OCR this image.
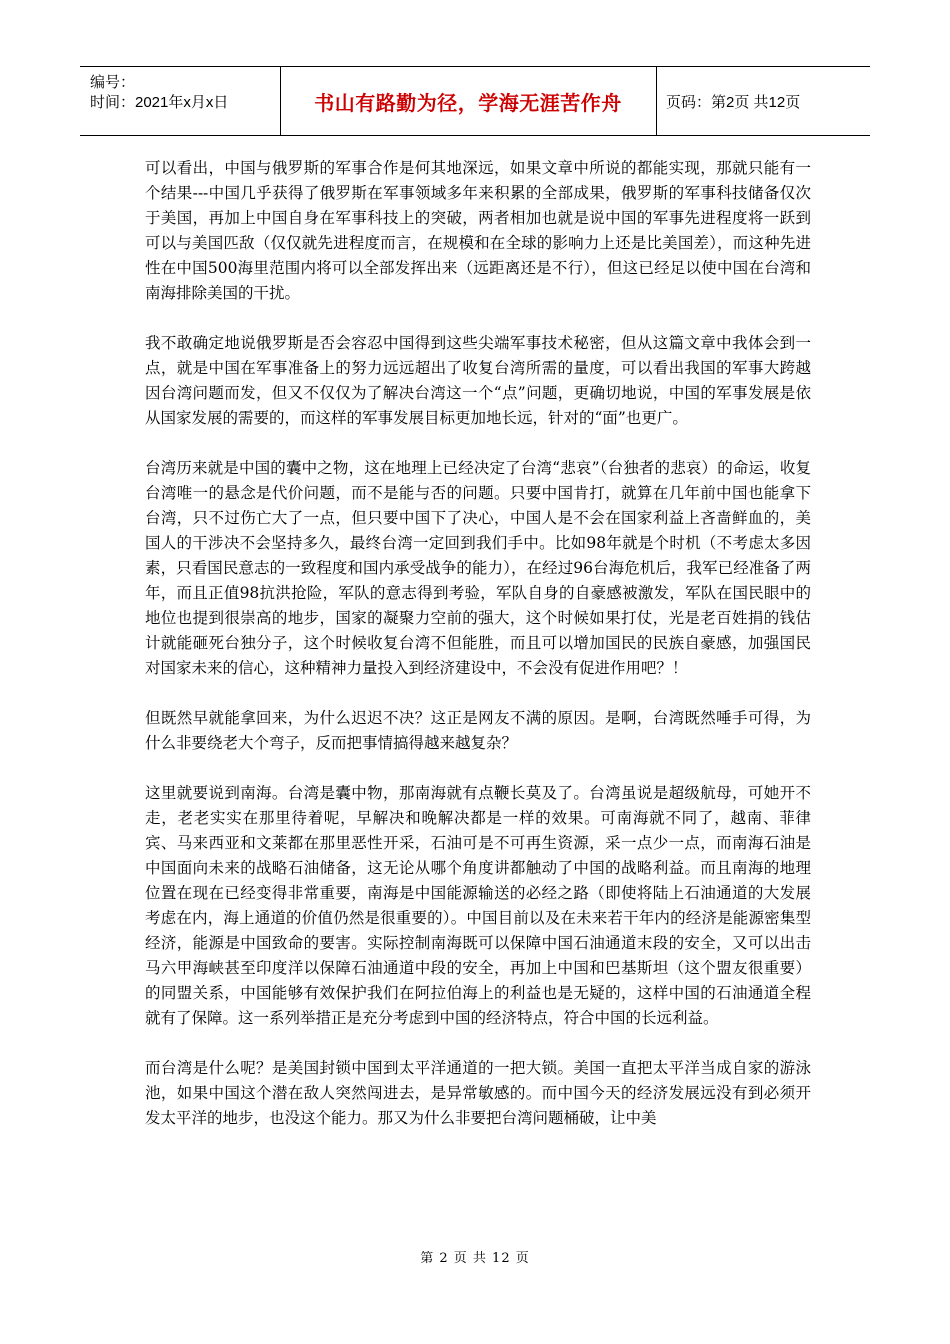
编号：
时间：2021年x月x日	书山有路勤为径，学海无涯苦作舟	页码：第2页 共12页

可以看出，中国与俄罗斯的军事合作是何其地深远，如果文章中所说的都能实现，那就只能有一个结果---中国几乎获得了俄罗斯在军事领域多年来积累的全部成果，俄罗斯的军事科技储备仅次于美国，再加上中国自身在军事科技上的突破，两者相加也就是说中国的军事先进程度将一跃到可以与美国匹敌（仅仅就先进程度而言，在规模和在全球的影响力上还是比美国差），而这种先进性在中国500海里范围内将可以全部发挥出来（远距离还是不行），但这已经足以使中国在台湾和南海排除美国的干扰。

我不敢确定地说俄罗斯是否会容忍中国得到这些尖端军事技术秘密，但从这篇文章中我体会到一点，就是中国在军事准备上的努力远远超出了收复台湾所需的量度，可以看出我国的军事大跨越因台湾问题而发，但又不仅仅为了解决台湾这一个“点”问题，更确切地说，中国的军事发展是依从国家发展的需要的，而这样的军事发展目标更加地长远，针对的“面”也更广。

台湾历来就是中国的囊中之物，这在地理上已经决定了台湾“悲哀”（台独者的悲哀）的命运，收复台湾唯一的悬念是代价问题，而不是能与否的问题。只要中国肯打，就算在几年前中国也能拿下台湾，只不过伤亡大了一点，但只要中国下了决心，中国人是不会在国家利益上吝啬鲜血的，美国人的干涉决不会坚持多久，最终台湾一定回到我们手中。比如98年就是个时机（不考虑太多因素，只看国民意志的一致程度和国内承受战争的能力），在经过96台海危机后，我军已经准备了两年，而且正值98抗洪抢险，军队的意志得到考验，军队自身的自豪感被激发，军队在国民眼中的地位也提到很崇高的地步，国家的凝聚力空前的强大，这个时候如果打仗，光是老百姓捐的钱估计就能砸死台独分子，这个时候收复台湾不但能胜，而且可以增加国民的民族自豪感，加强国民对国家未来的信心，这种精神力量投入到经济建设中，不会没有促进作用吧？！

但既然早就能拿回来，为什么迟迟不决？这正是网友不满的原因。是啊，台湾既然唾手可得，为什么非要绕老大个弯子，反而把事情搞得越来越复杂？

这里就要说到南海。台湾是囊中物，那南海就有点鞭长莫及了。台湾虽说是超级航母，可她开不走，老老实实在那里待着呢，早解决和晚解决都是一样的效果。可南海就不同了，越南、菲律宾、马来西亚和文莱都在那里恶性开采，石油可是不可再生资源，采一点少一点，而南海石油是中国面向未来的战略石油储备，这无论从哪个角度讲都触动了中国的战略利益。而且南海的地理位置在现在已经变得非常重要，南海是中国能源输送的必经之路（即使将陆上石油通道的大发展考虑在内，海上通道的价值仍然是很重要的）。中国目前以及在未来若干年内的经济是能源密集型经济，能源是中国致命的要害。实际控制南海既可以保障中国石油通道末段的安全，又可以出击马六甲海峡甚至印度洋以保障石油通道中段的安全，再加上中国和巴基斯坦（这个盟友很重要）的同盟关系，中国能够有效保护我们在阿拉伯海上的利益也是无疑的，这样中国的石油通道全程就有了保障。这一系列举措正是充分考虑到中国的经济特点，符合中国的长远利益。

而台湾是什么呢？是美国封锁中国到太平洋通道的一把大锁。美国一直把太平洋当成自家的游泳池，如果中国这个潜在敌人突然闯进去，是异常敏感的。而中国今天的经济发展远没有到必须开发太平洋的地步，也没这个能力。那又为什么非要把台湾问题桶破，让中美

第 2 页 共 12 页
